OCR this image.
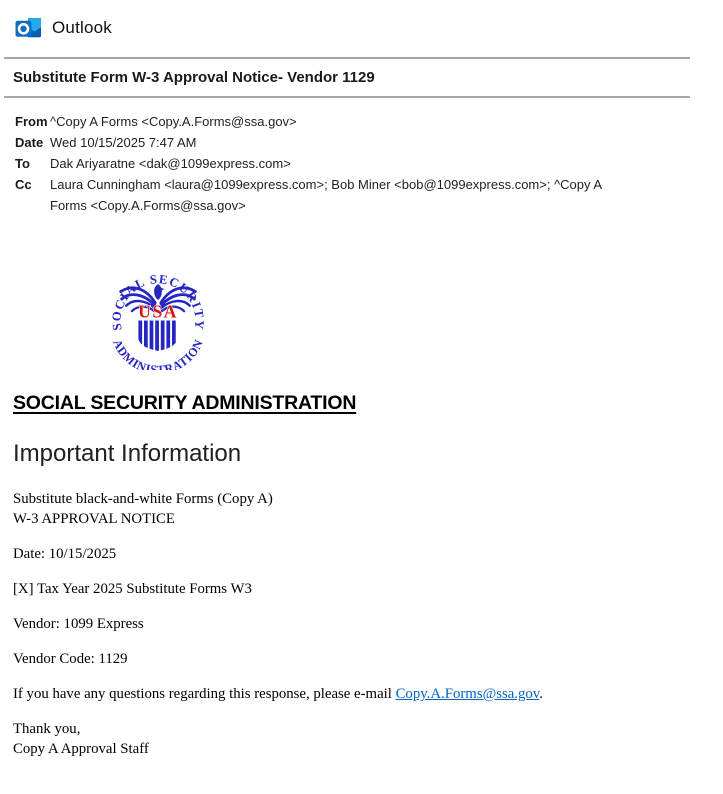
Outlook
Substitute Form W-3 Approval Notice- Vendor 1129
From ^Copy A Forms <Copy.A.Forms@ssa.gov>
Date Wed 10/15/2025 7:47 AM
To	Dak Ariyaratne <dak@1099express.com>
Cc	Laura Cunningham <laura@1099express.com>; Bob Miner <bob@1099express.com>; ^Copy A Forms <Copy.A.Forms@ssa.gov>
USA
SOCIAL SECURITY
ADMINISTRATION
SOCIAL SECURITY ADMINISTRATION
Important Information

Substitute black-and-white Forms (Copy A)
W-3 APPROVAL NOTICE

Date: 10/15/2025

[X] Tax Year 2025 Substitute Forms W3

Vendor: 1099 Express

Vendor Code: 1129

If you have any questions regarding this response, please e-mail Copy.A.Forms@ssa.gov.

Thank you,
Copy A Approval Staff
